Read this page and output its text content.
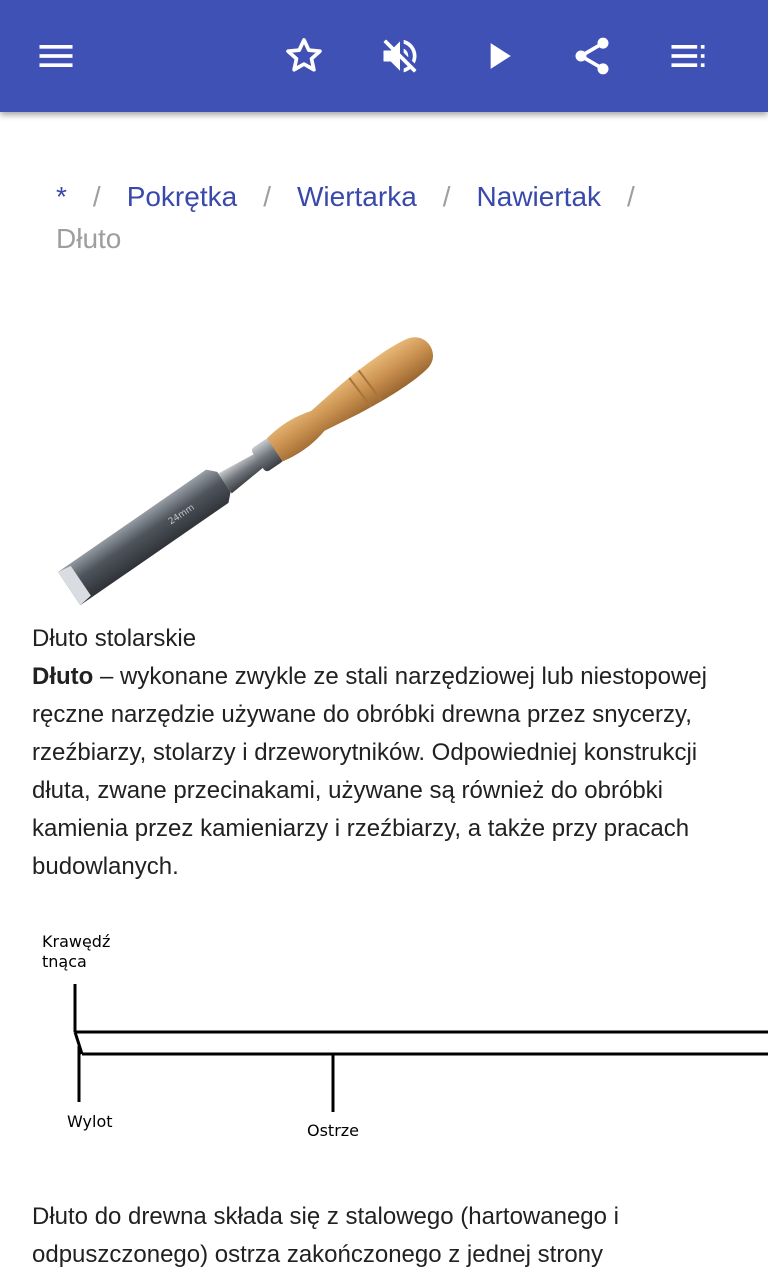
* / Pokrętka / Wiertarka / Nawiertak /
Dłuto
24mm
Dłuto stolarskie
Dłuto – wykonane zwykle ze stali narzędziowej lub niestopowej ręczne narzędzie używane do obróbki drewna przez snycerzy, rzeźbiarzy, stolarzy i drzeworytników. Odpowiedniej konstrukcji dłuta, zwane przecinakami, używane są również do obróbki kamienia przez kamieniarzy i rzeźbiarzy, a także przy pracach budowlanych.
Krawędź
tnąca
Wylot	Ostrze
Dłuto do drewna składa się z stalowego (hartowanego i odpuszczonego) ostrza zakończonego z jednej strony
